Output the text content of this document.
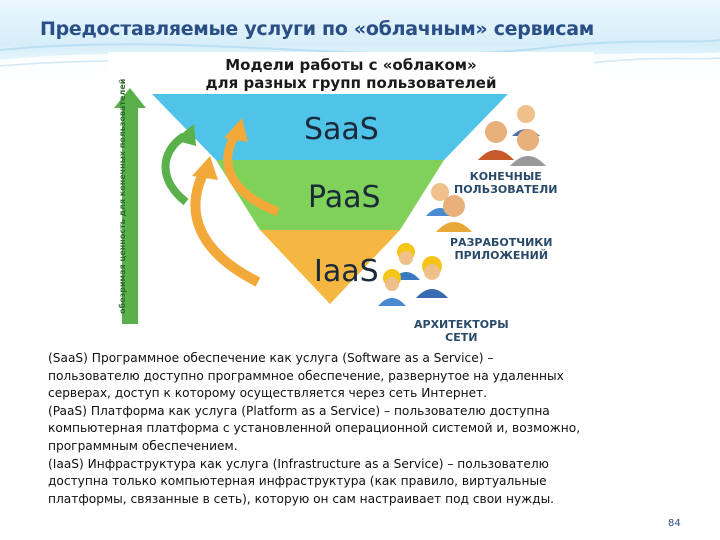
Предоставляемые услуги по «облачным» сервисам
Модели работы с «облаком»
для разных групп пользователей
SaaS
PaaS
IaaS
обозримая ценность для конечных пользователей	КОНЕЧНЫЕ
ПОЛЬЗОВАТЕЛИ
РАЗРАБОТЧИКИ
ПРИЛОЖЕНИЙ
АРХИТЕКТОРЫ
СЕТИ

(SaaS) Программное обеспечение как услуга (Software as a Service) –

пользователю доступно программное обеспечение, развернутое на удаленных

серверах, доступ к которому осуществляется через сеть Интернет.

(PaaS) Платформа как услуга (Platform as a Service) – пользователю доступна

компьютерная платформа с установленной операционной системой и, возможно,

программным обеспечением.

(IaaS) Инфраструктура как услуга (Infrastructure as a Service) – пользователю

доступна только компьютерная инфраструктура (как правило, виртуальные

платформы, связанные в сеть), которую он сам настраивает под свои нужды.

84
